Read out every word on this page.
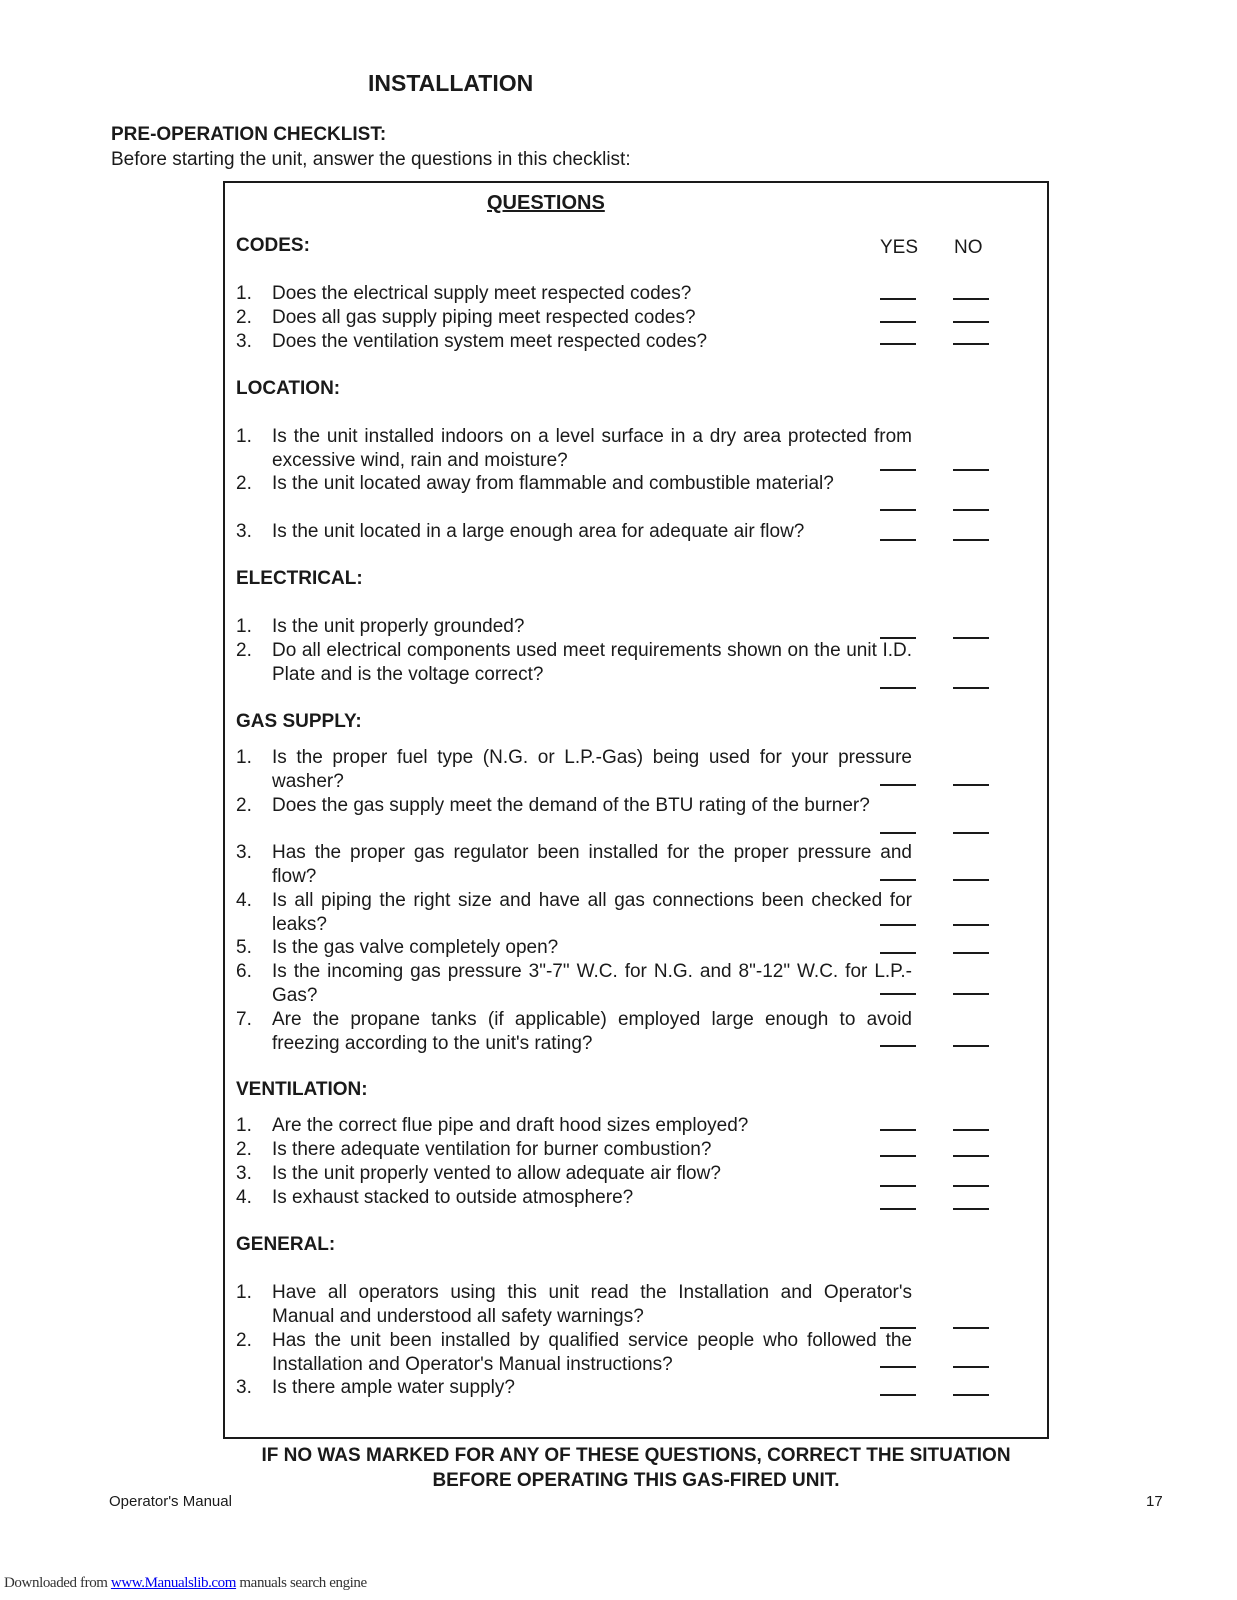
INSTALLATION
PRE-OPERATION CHECKLIST:
Before starting the unit, answer the questions in this checklist:
QUESTIONS
YES NO
CODES:
1. Does the electrical supply meet respected codes?
2. Does all gas supply piping meet respected codes?
3. Does the ventilation system meet respected codes?
LOCATION:
1. Is the unit installed indoors on a level surface in a dry area protected from excessive wind, rain and moisture?
2. Is the unit located away from flammable and combustible material?
3. Is the unit located in a large enough area for adequate air flow?
ELECTRICAL:
1. Is the unit properly grounded?
2. Do all electrical components used meet requirements shown on the unit I.D. Plate and is the voltage correct?
GAS SUPPLY:
1. Is the proper fuel type (N.G. or L.P.-Gas) being used for your pressure washer?
2. Does the gas supply meet the demand of the BTU rating of the burner?
3. Has the proper gas regulator been installed for the proper pressure and flow?
4. Is all piping the right size and have all gas connections been checked for leaks?
5. Is the gas valve completely open?
6. Is the incoming gas pressure 3"-7" W.C. for N.G. and 8"-12" W.C. for L.P.-Gas?
7. Are the propane tanks (if applicable) employed large enough to avoid freezing according to the unit's rating?
VENTILATION:
1. Are the correct flue pipe and draft hood sizes employed?
2. Is there adequate ventilation for burner combustion?
3. Is the unit properly vented to allow adequate air flow?
4. Is exhaust stacked to outside atmosphere?
GENERAL:
1. Have all operators using this unit read the Installation and Operator's Manual and understood all safety warnings?
2. Has the unit been installed by qualified service people who followed the Installation and Operator's Manual instructions?
3. Is there ample water supply?
IF NO WAS MARKED FOR ANY OF THESE QUESTIONS, CORRECT THE SITUATION
BEFORE OPERATING THIS GAS-FIRED UNIT.
Operator's Manual	17
Downloaded from www.Manualslib.com manuals search engine
